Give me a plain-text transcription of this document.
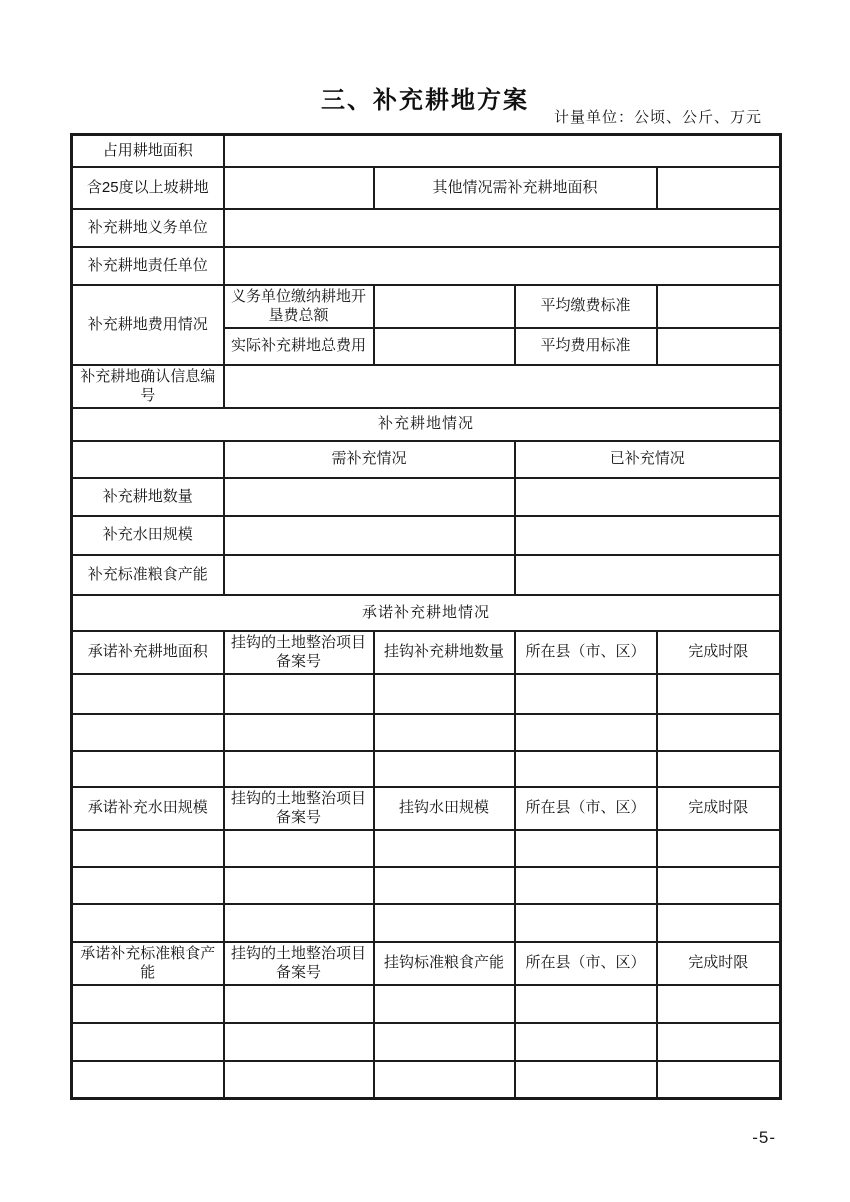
三、补充耕地方案
计量单位：公顷、公斤、万元
占用耕地面积				
含25度以上坡耕地		其他情况需补充耕地面积		
补充耕地义务单位				
补充耕地责任单位				
补充耕地费用情况	义务单位缴纳耕地开垦费总额		平均缴费标准	
	实际补充耕地总费用		平均费用标准	
补充耕地确认信息编号				
补充耕地情况				
	需补充情况		已补充情况	
补充耕地数量				
补充水田规模				
补充标准粮食产能				
承诺补充耕地情况				
承诺补充耕地面积	挂钩的土地整治项目备案号	挂钩补充耕地数量	所在县（市、区）	完成时限

承诺补充水田规模	挂钩的土地整治项目备案号	挂钩水田规模	所在县（市、区）	完成时限

承诺补充标准粮食产能	挂钩的土地整治项目备案号	挂钩标准粮食产能	所在县（市、区）	完成时限

-5-
